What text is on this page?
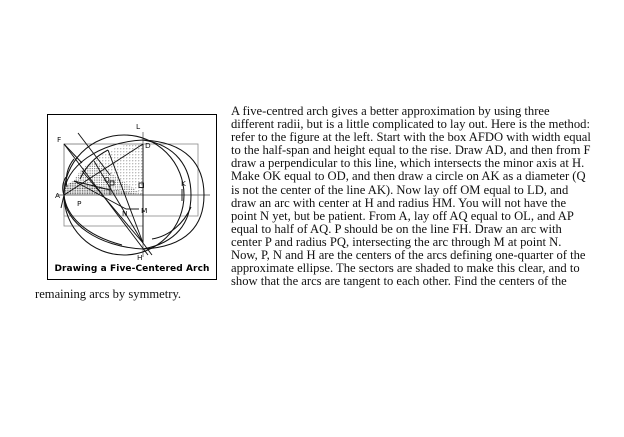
A
F
L
D
K
Q
P
N M
H
Drawing a Five-Centered Arch

A five-centred arch gives a better approximation by using three different radii, but is a little complicated to lay out. Here is the method: refer to the figure at the left. Start with the box AFDO with width equal to the half-span and height equal to the rise. Draw AD, and then from F draw a perpendicular to this line, which intersects the minor axis at H. Make OK equal to OD, and then draw a circle on AK as a diameter (Q is not the center of the line AK). Now lay off OM equal to LD, and draw an arc with center at H and radius HM. You will not have the point N yet, but be patient. From A, lay off AQ equal to OL, and AP equal to half of AQ. P should be on the line FH. Draw an arc with center P and radius PQ, intersecting the arc through M at point N. Now, P, N and H are the centers of the arcs defining one-quarter of the approximate ellipse. The sectors are shaded to make this clear, and to show that the arcs are tangent to each other. Find the centers of the remaining arcs by symmetry.
